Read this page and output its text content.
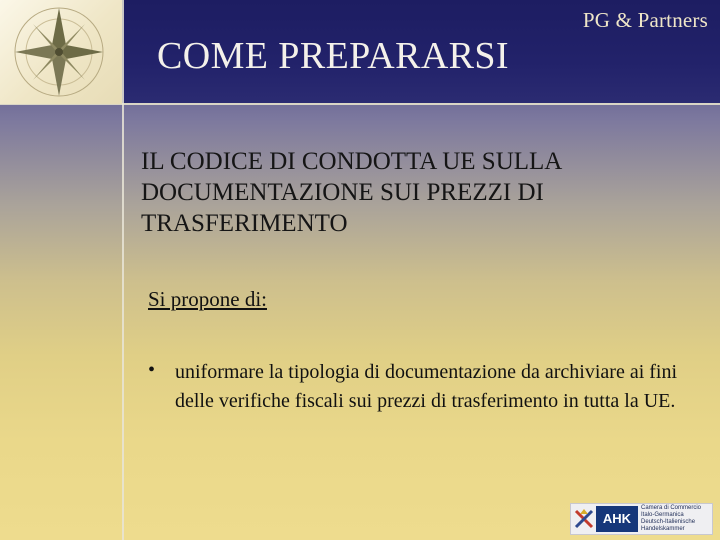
PG & Partners
COME PREPARARSI
IL CODICE DI CONDOTTA UE SULLA DOCUMENTAZIONE SUI PREZZI DI TRASFERIMENTO
Si propone di:
• uniformare la tipologia di documentazione da archiviare ai fini delle verifiche fiscali sui prezzi di trasferimento in tutta la UE.
AHK
Camera di Commercio
Italo-Germanica
Deutsch-Italienische
Handelskammer
